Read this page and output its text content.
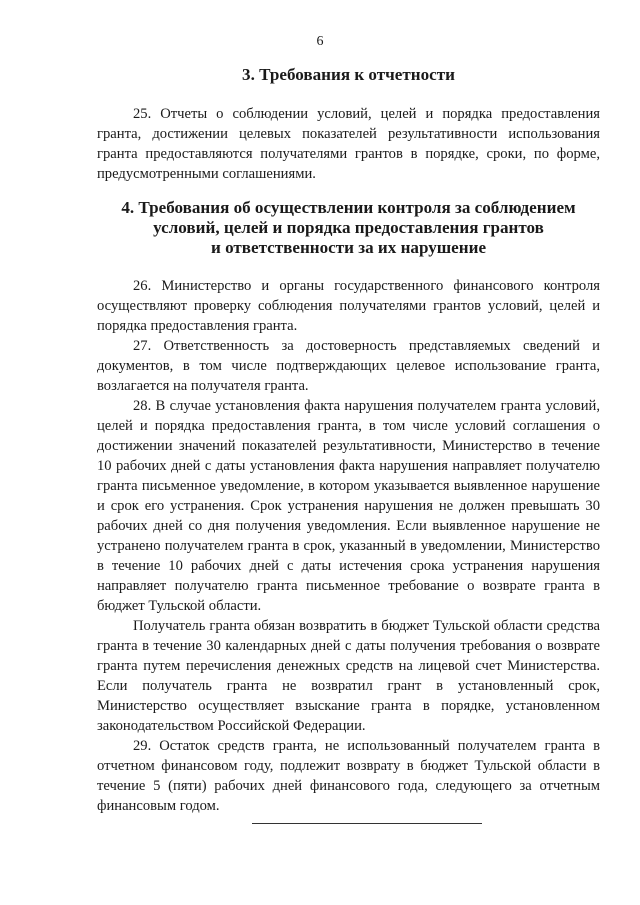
6
3. Требования к отчетности

25. Отчеты о соблюдении условий, целей и порядка предоставления гранта, достижении целевых показателей результативности использования гранта предоставляются получателями грантов в порядке, сроки, по форме, предусмотренными соглашениями.

4. Требования об осуществлении контроля за соблюдением
условий, целей и порядка предоставления грантов
и ответственности за их нарушение

26. Министерство и органы государственного финансового контроля осуществляют проверку соблюдения получателями грантов условий, целей и порядка предоставления гранта.

27. Ответственность за достоверность представляемых сведений и документов, в том числе подтверждающих целевое использование гранта, возлагается на получателя гранта.

28. В случае установления факта нарушения получателем гранта условий, целей и порядка предоставления гранта, в том числе условий соглашения о достижении значений показателей результативности, Министерство в течение 10 рабочих дней с даты установления факта нарушения направляет получателю гранта письменное уведомление, в котором указывается выявленное нарушение и срок его устранения. Срок устранения нарушения не должен превышать 30 рабочих дней со дня получения уведомления. Если выявленное нарушение не устранено получателем гранта в срок, указанный в уведомлении, Министерство в течение 10 рабочих дней с даты истечения срока устранения нарушения направляет получателю гранта письменное требование о возврате гранта в бюджет Тульской области.

Получатель гранта обязан возвратить в бюджет Тульской области средства гранта в течение 30 календарных дней с даты получения требования о возврате гранта путем перечисления денежных средств на лицевой счет Министерства. Если получатель гранта не возвратил грант в установленный срок, Министерство осуществляет взыскание гранта в порядке, установленном законодательством Российской Федерации.

29. Остаток средств гранта, не использованный получателем гранта в отчетном финансовом году, подлежит возврату в бюджет Тульской области в течение 5 (пяти) рабочих дней финансового года, следующего за отчетным финансовым годом.
